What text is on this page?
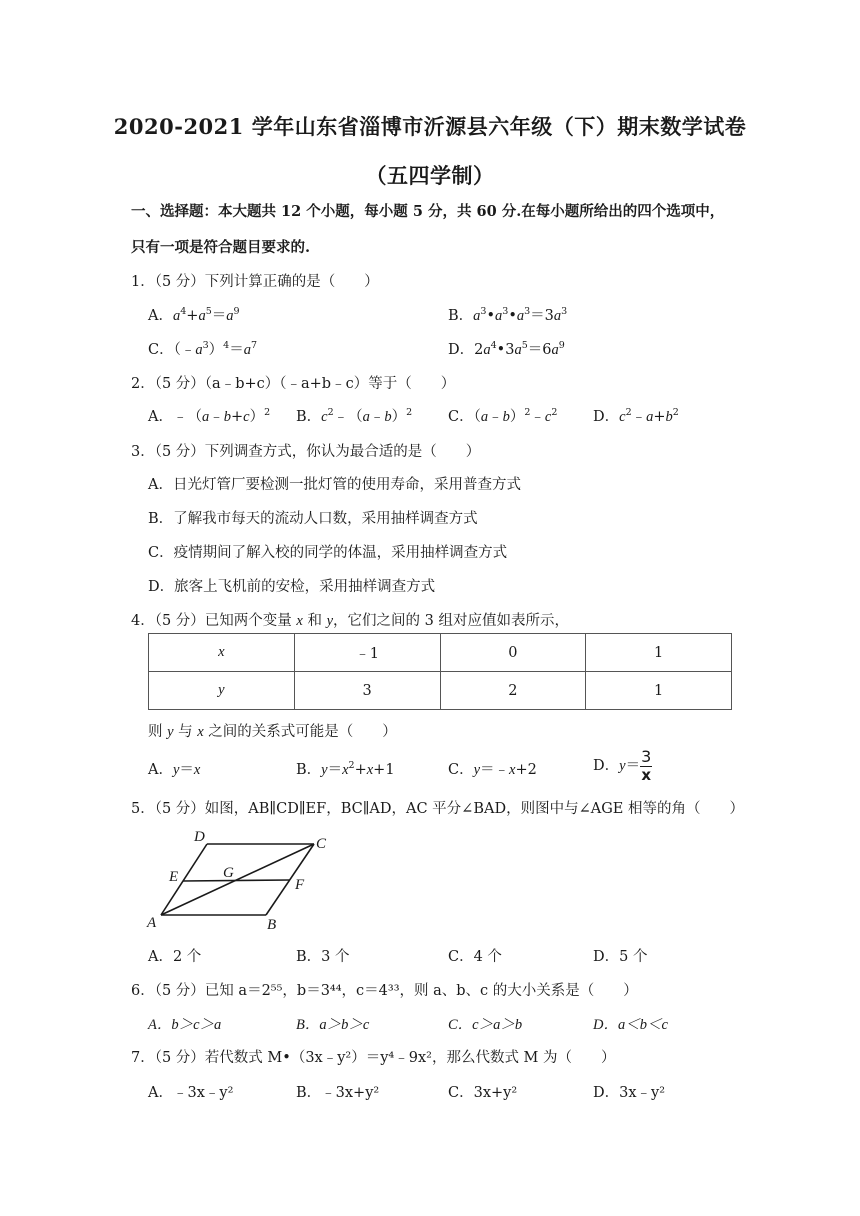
2020-2021 学年山东省淄博市沂源县六年级（下）期末数学试卷
（五四学制）
一、选择题：本大题共 12 个小题，每小题 5 分，共 60 分.在每小题所给出的四个选项中，
只有一项是符合题目要求的.
1．（5 分）下列计算正确的是（　　）
A．$a^4+a^5=a^9$	B．$a^3•a^3•a^3=3a^3$
C．$(﹣a^3)^4=a^7$	D．$2a^4•3a^5=6a^9$
2．（5 分）（a﹣b+c）（﹣a+b﹣c）等于（　　）
A．﹣（a﹣b+c）$^2$ B．$c^2﹣(a﹣b)^2$ C．$(a﹣b)^2﹣c^2$ D．$c^2﹣a+b^2$
3．（5 分）下列调查方式，你认为最合适的是（　　）
A．日光灯管厂要检测一批灯管的使用寿命，采用普查方式
B．了解我市每天的流动人口数，采用抽样调查方式
C．疫情期间了解入校的同学的体温，采用抽样调查方式
D．旅客上飞机前的安检，采用抽样调查方式
4．（5 分）已知两个变量 x 和 y，它们之间的 3 组对应值如表所示，
x	﹣1	0	1
y	3	2	1
则 y 与 x 之间的关系式可能是（　　）
A．y＝x	B．$y=x^2+x+1$	C．y＝﹣x+2	D．$y= \frac{3}{x}$
5．（5 分）如图，AB∥CD∥EF，BC∥AD，AC 平分∠BAD，则图中与∠AGE 相等的角（　　）
D	C
E	G
F
A	B
A．2 个	B．3 个	C．4 个	D．5 个
6．（5 分）已知 a＝2⁵⁵，b＝3⁴⁴，c＝4³³，则 a、b、c 的大小关系是（　　）
A．b＞c＞a	B．a＞b＞c	C．c＞a＞b	D．a＜b＜c
7．（5 分）若代数式 M•（3x﹣y²）＝y⁴﹣9x²，那么代数式 M 为（　　）
A．﹣3x﹣y²	B．﹣3x+y²	C．3x+y²	D．3x﹣y²
